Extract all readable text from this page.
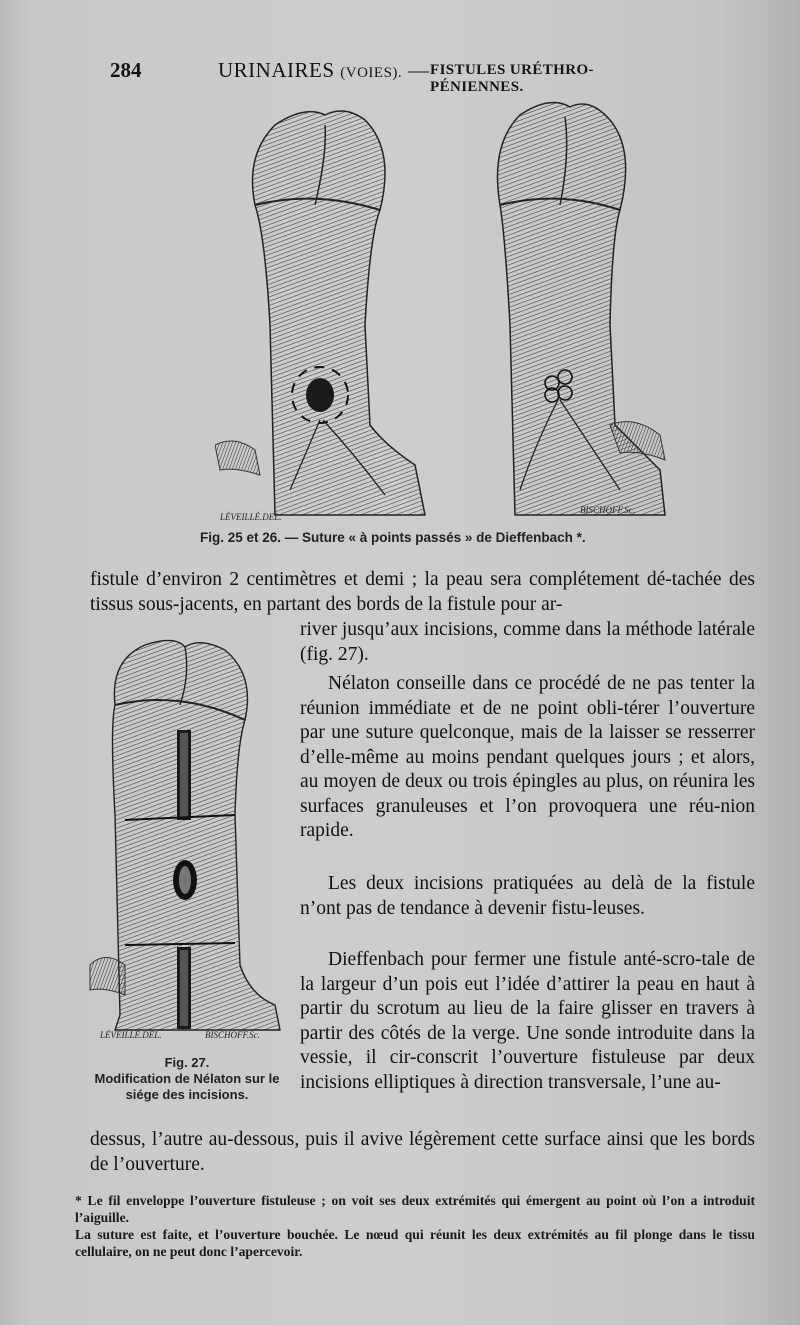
284	URINAIRES (VOIES). — FISTULES URÉTHRO-PÉNIENNES.
LÉVEILLÉ.DEL.
BISCHOFF.Sc.
Fig. 25 et 26. — Suture « à points passés » de Dieffenbach *.
fistule d’environ 2 centimètres et demi ; la peau sera complétement dé-tachée des tissus sous-jacents, en partant des bords de la fistule pour ar-
river jusqu’aux incisions, comme dans la méthode latérale (fig. 27).
Nélaton conseille dans ce procédé de ne pas tenter la réunion immédiate et de ne point obli-térer l’ouverture par une suture quelconque, mais de la laisser se resserrer d’elle-même au moins pendant quelques jours ; et alors, au moyen de deux ou trois épingles au plus, on réunira les surfaces granuleuses et l’on provoquera une réu-nion rapide.
Les deux incisions pratiquées au delà de la fistule n’ont pas de tendance à devenir fistu-leuses.
Dieffenbach pour fermer une fistule anté-scro-tale de la largeur d’un pois eut l’idée d’attirer la peau en haut à partir du scrotum au lieu de la faire glisser en travers à partir des côtés de la verge. Une sonde introduite dans la vessie, il cir-conscrit l’ouverture fistuleuse par deux incisions elliptiques à direction transversale, l’une au-
dessus, l’autre au-dessous, puis il avive légèrement cette surface ainsi que les bords de l’ouverture.
LÉVEILLÉ.DEL.	BISCHOFF.Sc.
Fig. 27.
Modification de Nélaton sur le
siége des incisions.

* Le fil enveloppe l’ouverture fistuleuse ; on voit ses deux extrémités qui émergent au point où l’on a introduit l’aiguille.

La suture est faite, et l’ouverture bouchée. Le nœud qui réunit les deux extrémités au fil plonge dans le tissu cellulaire, on ne peut donc l’apercevoir.
